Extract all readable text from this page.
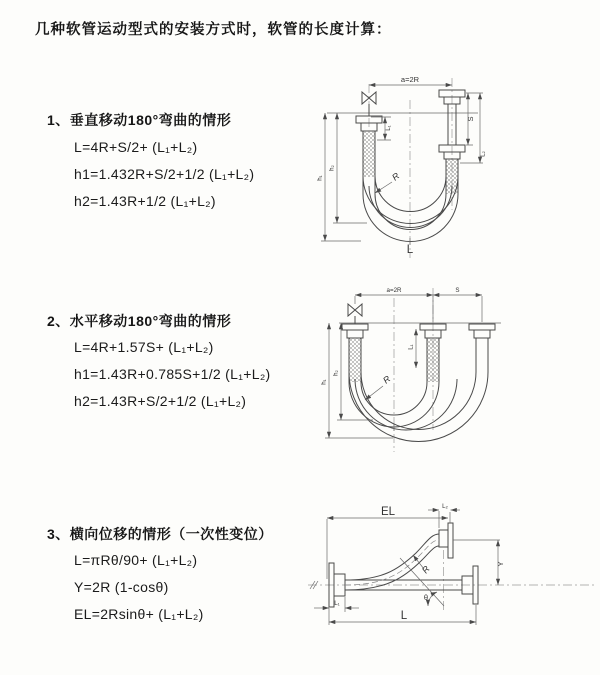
几种软管运动型式的安装方式时，软管的长度计算：
1、垂直移动180°弯曲的情形
L=4R+S/2+ (L₁+L₂)
h1=1.432R+S/2+1/2 (L₁+L₂)
h2=1.43R+1/2 (L₁+L₂)
2、水平移动180°弯曲的情形
L=4R+1.57S+ (L₁+L₂)
h1=1.43R+0.785S+1/2 (L₁+L₂)
h2=1.43R+S/2+1/2 (L₁+L₂)
3、横向位移的情形（一次性变位）
L=πRθ/90+ (L₁+L₂)
Y=2R (1-cosθ)
EL=2Rsinθ+ (L₁+L₂)
a=2R
h₁
h₂
L₁
S
L₂
R
L
a=2R	S
h₁
h₂
L₁
R
EL	L₂
Y
L
L₁
R
θ
